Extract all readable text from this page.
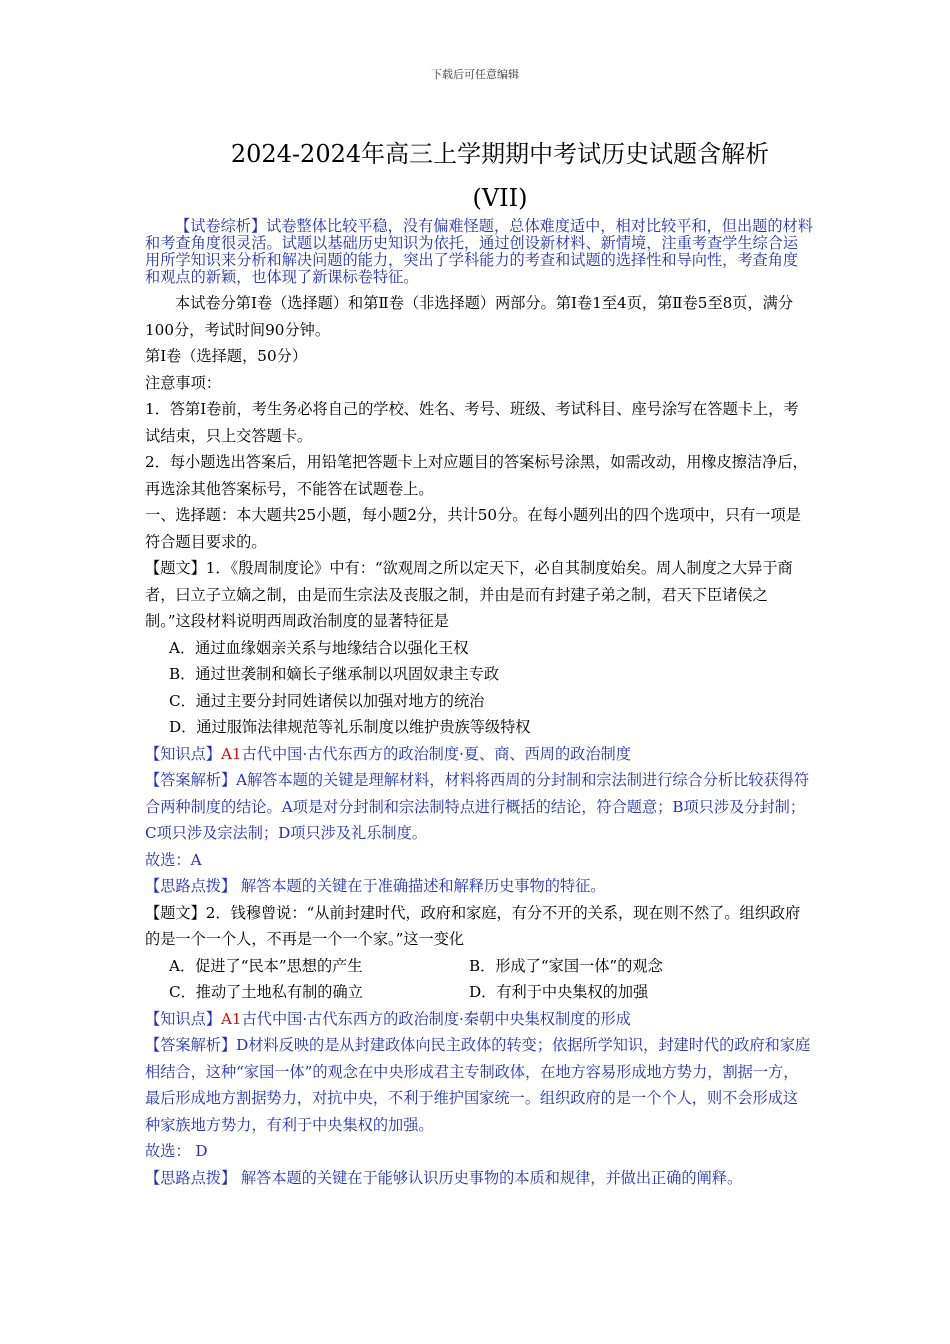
下载后可任意编辑
2024-2024年高三上学期期中考试历史试题含解析
(VII)

【试卷综析】试卷整体比较平稳，没有偏难怪题，总体难度适中，相对比较平和，但出题的材料和考查角度很灵活。试题以基础历史知识为依托，通过创设新材料、新情境，注重考查学生综合运用所学知识来分析和解决问题的能力，突出了学科能力的考查和试题的选择性和导向性，考查角度和观点的新颖，也体现了新课标卷特征。

本试卷分第Ⅰ卷（选择题）和第Ⅱ卷（非选择题）两部分。第Ⅰ卷1至4页，第Ⅱ卷5至8页，满分100分，考试时间90分钟。

第Ⅰ卷（选择题，50分）

注意事项：

1．答第Ⅰ卷前，考生务必将自己的学校、姓名、考号、班级、考试科目、座号涂写在答题卡上，考试结束，只上交答题卡。

2．每小题选出答案后，用铅笔把答题卡上对应题目的答案标号涂黑，如需改动，用橡皮擦洁净后，再选涂其他答案标号，不能答在试题卷上。

一、选择题：本大题共25小题，每小题2分，共计50分。在每小题列出的四个选项中，只有一项是符合题目要求的。

【题文】1．《殷周制度论》中有：“欲观周之所以定天下，必自其制度始矣。周人制度之大异于商者，曰立子立嫡之制，由是而生宗法及丧服之制，并由是而有封建子弟之制，君天下臣诸侯之制。”这段材料说明西周政治制度的显著特征是

A．通过血缘姻亲关系与地缘结合以强化王权

B．通过世袭制和嫡长子继承制以巩固奴隶主专政

C．通过主要分封同姓诸侯以加强对地方的统治

D．通过服饰法律规范等礼乐制度以维护贵族等级特权

【知识点】A1古代中国·古代东西方的政治制度·夏、商、西周的政治制度

【答案解析】A解答本题的关键是理解材料，材料将西周的分封制和宗法制进行综合分析比较获得符合两种制度的结论。A项是对分封制和宗法制特点进行概括的结论，符合题意；B项只涉及分封制；C项只涉及宗法制；D项只涉及礼乐制度。

故选：A

【思路点拨】 解答本题的关键在于准确描述和解释历史事物的特征。

【题文】2．钱穆曾说：“从前封建时代，政府和家庭，有分不开的关系，现在则不然了。组织政府的是一个一个人，不再是一个一个家。”这一变化

A．促进了“民本”思想的产生	B．形成了“家国一体”的观念
C．推动了土地私有制的确立	D．有利于中央集权的加强

【知识点】A1古代中国·古代东西方的政治制度·秦朝中央集权制度的形成

【答案解析】D材料反映的是从封建政体向民主政体的转变；依据所学知识，封建时代的政府和家庭相结合，这种“家国一体”的观念在中央形成君主专制政体，在地方容易形成地方势力，割据一方，最后形成地方割据势力，对抗中央，不利于维护国家统一。组织政府的是一个个人，则不会形成这种家族地方势力，有利于中央集权的加强。

故选： D

【思路点拨】 解答本题的关键在于能够认识历史事物的本质和规律，并做出正确的阐释。
